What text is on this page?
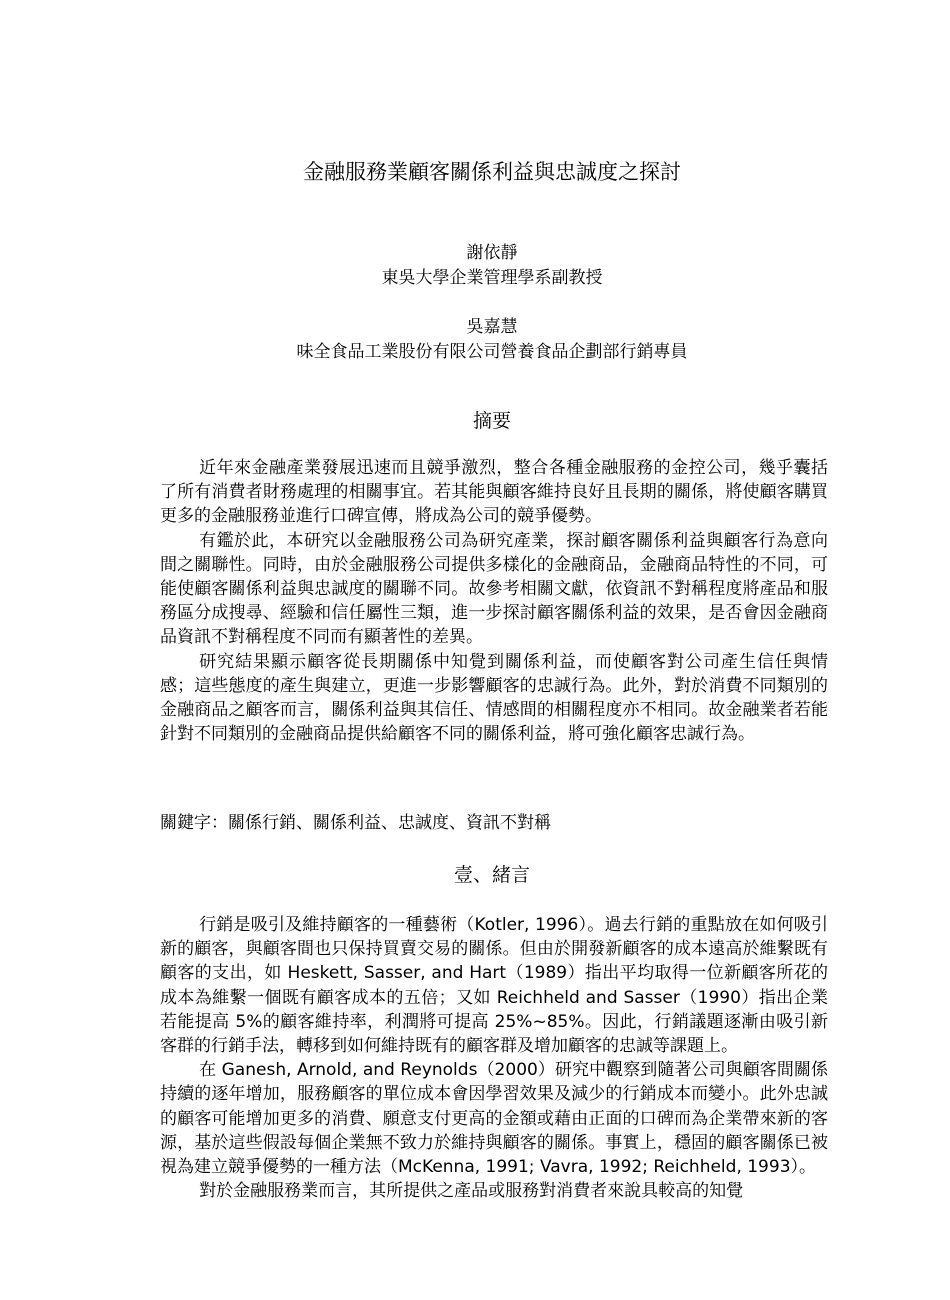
金融服務業顧客關係利益與忠誠度之探討
謝依靜
東吳大學企業管理學系副教授
吳嘉慧
味全食品工業股份有限公司營養食品企劃部行銷專員
摘要

近年來金融產業發展迅速而且競爭激烈，整合各種金融服務的金控公司，幾乎囊括了所有消費者財務處理的相關事宜。若其能與顧客維持良好且長期的關係，將使顧客購買更多的金融服務並進行口碑宣傳，將成為公司的競爭優勢。

有鑑於此，本研究以金融服務公司為研究產業，探討顧客關係利益與顧客行為意向間之關聯性。同時，由於金融服務公司提供多樣化的金融商品，金融商品特性的不同，可能使顧客關係利益與忠誠度的關聯不同。故參考相關文獻，依資訊不對稱程度將產品和服務區分成搜尋、經驗和信任屬性三類，進一步探討顧客關係利益的效果，是否會因金融商品資訊不對稱程度不同而有顯著性的差異。

研究結果顯示顧客從長期關係中知覺到關係利益，而使顧客對公司產生信任與情感；這些態度的產生與建立，更進一步影響顧客的忠誠行為。此外，對於消費不同類別的金融商品之顧客而言，關係利益與其信任、情感間的相關程度亦不相同。故金融業者若能針對不同類別的金融商品提供給顧客不同的關係利益，將可強化顧客忠誠行為。

關鍵字：關係行銷、關係利益、忠誠度、資訊不對稱
壹、緒言

行銷是吸引及維持顧客的一種藝術（Kotler, 1996）。過去行銷的重點放在如何吸引新的顧客，與顧客間也只保持買賣交易的關係。但由於開發新顧客的成本遠高於維繫既有顧客的支出，如 Heskett, Sasser, and Hart（1989）指出平均取得一位新顧客所花的成本為維繫一個既有顧客成本的五倍；又如 Reichheld and Sasser（1990）指出企業若能提高 5%的顧客維持率，利潤將可提高 25%~85%。因此，行銷議題逐漸由吸引新客群的行銷手法，轉移到如何維持既有的顧客群及增加顧客的忠誠等課題上。

在 Ganesh, Arnold, and Reynolds（2000）研究中觀察到隨著公司與顧客間關係持續的逐年增加，服務顧客的單位成本會因學習效果及減少的行銷成本而變小。此外忠誠的顧客可能增加更多的消費、願意支付更高的金額或藉由正面的口碑而為企業帶來新的客源，基於這些假設每個企業無不致力於維持與顧客的關係。事實上，穩固的顧客關係已被視為建立競爭優勢的一種方法（McKenna, 1991; Vavra, 1992; Reichheld, 1993）。

對於金融服務業而言，其所提供之產品或服務對消費者來說具較高的知覺
